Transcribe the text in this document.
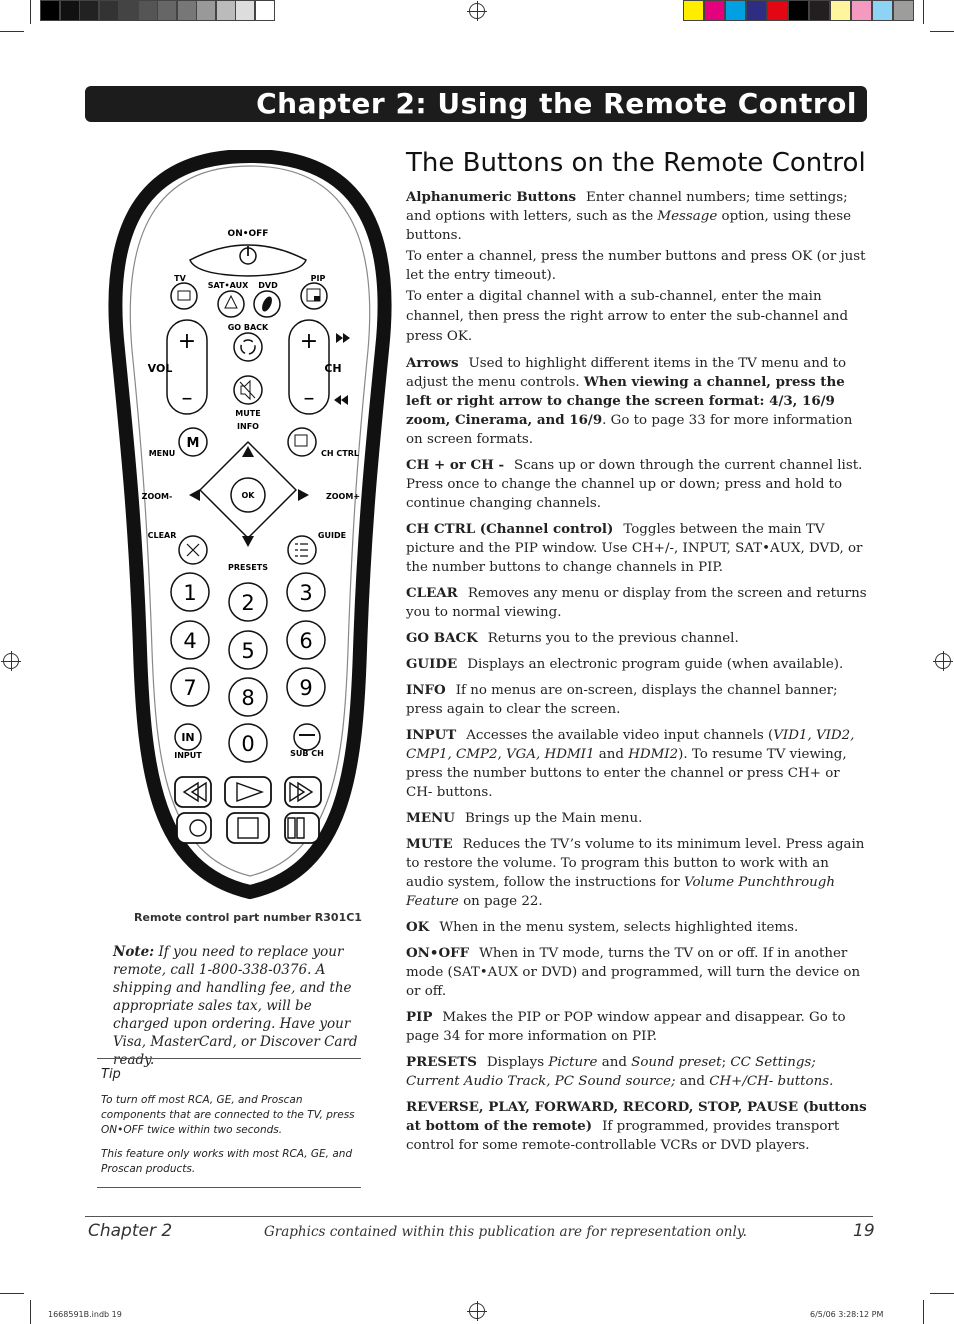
Chapter 2: Using the Remote Control
ON•OFF
TV
SAT•AUX DVD
PIP
GO BACK
+
–
VOL
+
–
CH
MUTE
INFO
OK
M
MENU	CH CTRL
ZOOM-	ZOOM+
CLEAR	GUIDE
PRESETS
1 2 3
4 5 6
7 8 9
0
IN
INPUT	SUB CH
Remote control part number R301C1
Note: If you need to replace your remote, call 1-800-338-0376. A shipping and handling fee, and the appropriate sales tax, will be charged upon ordering. Have your Visa, MasterCard, or Discover Card ready.
Tip
To turn off most RCA, GE, and Proscan components that are connected to the TV, press ON•OFF twice within two seconds.
This feature only works with most RCA, GE, and Proscan products.
The Buttons on the Remote Control

Alphanumeric Buttons Enter channel numbers; time settings; and options with letters, such as the Message option, using these buttons.

To enter a channel, press the number buttons and press OK (or just let the entry timeout).

To enter a digital channel with a sub-channel, enter the main channel, then press the right arrow to enter the sub-channel and press OK.

Arrows Used to highlight different items in the TV menu and to adjust the menu controls. When viewing a channel, press the left or right arrow to change the screen format: 4/3, 16/9 zoom, Cinerama, and 16/9. Go to page 33 for more information on screen formats.

CH + or CH - Scans up or down through the current channel list. Press once to change the channel up or down; press and hold to continue changing channels.

CH CTRL (Channel control) Toggles between the main TV picture and the PIP window. Use CH+/-, INPUT, SAT•AUX, DVD, or the number buttons to change channels in PIP.

CLEAR Removes any menu or display from the screen and returns you to normal viewing.

GO BACK Returns you to the previous channel.

GUIDE Displays an electronic program guide (when available).

INFO If no menus are on-screen, displays the channel banner; press again to clear the screen.

INPUT Accesses the available video input channels (VID1, VID2, CMP1, CMP2, VGA, HDMI1 and HDMI2). To resume TV viewing, press the number buttons to enter the channel or press CH+ or CH- buttons.

MENU Brings up the Main menu.

MUTE Reduces the TV’s volume to its minimum level. Press again to restore the volume. To program this button to work with an audio system, follow the instructions for Volume Punchthrough Feature on page 22.

OK When in the menu system, selects highlighted items.

ON•OFF When in TV mode, turns the TV on or off. If in another mode (SAT•AUX or DVD) and programmed, will turn the device on or off.

PIP Makes the PIP or POP window appear and disappear. Go to page 34 for more information on PIP.

PRESETS Displays Picture and Sound preset; CC Settings; Current Audio Track, PC Sound source; and CH+/CH- buttons.

REVERSE, PLAY, FORWARD, RECORD, STOP, PAUSE (buttons at bottom of the remote) If programmed, provides transport control for some remote-controllable VCRs or DVD players.

Chapter 2	Graphics contained within this publication are for representation only.	19
1668591B.indb 19	6/5/06 3:28:12 PM
